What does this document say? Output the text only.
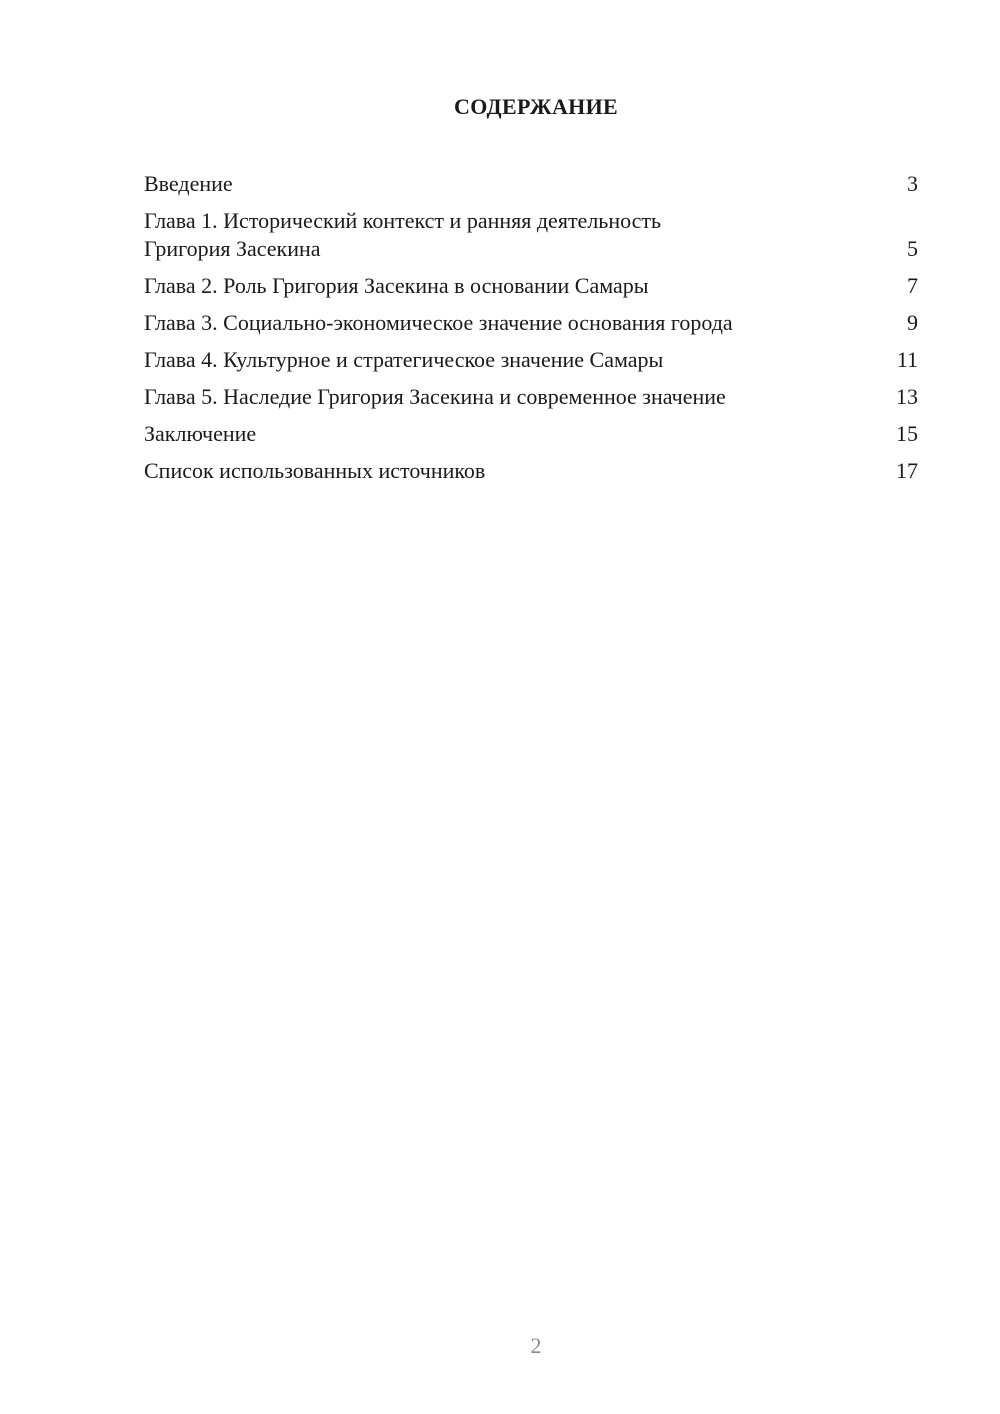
СОДЕРЖАНИЕ
Введение	3
Глава 1. Исторический контекст и ранняя деятельность
Григория Засекина	5
Глава 2. Роль Григория Засекина в основании Самары	7
Глава 3. Социально-экономическое значение основания города	9
Глава 4. Культурное и стратегическое значение Самары	11
Глава 5. Наследие Григория Засекина и современное значение	13
Заключение	15
Список использованных источников	17
2
